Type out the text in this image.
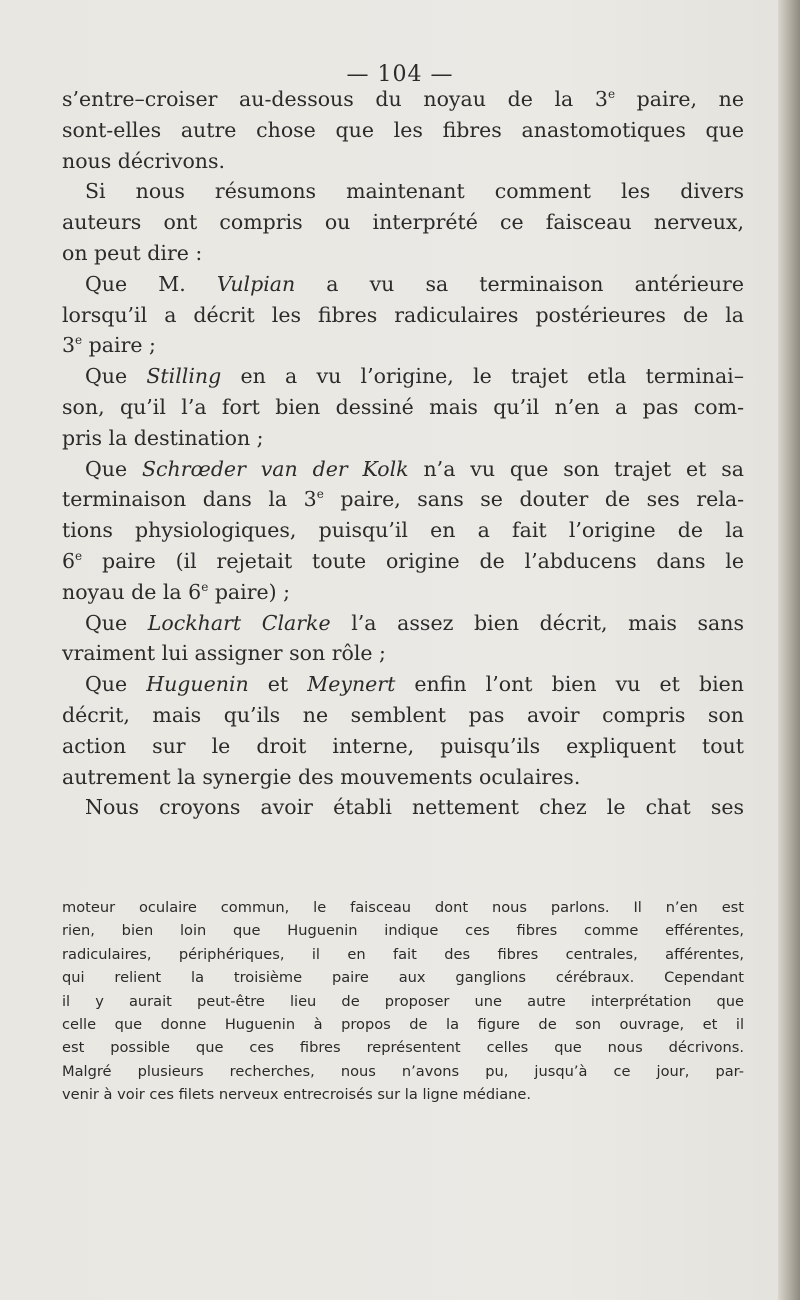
— 104 —
s’entre–croiser au-dessous du noyau de la 3e paire, ne
sont-elles autre chose que les fibres anastomotiques que
nous décrivons.
Si nous résumons maintenant comment les divers
auteurs ont compris ou interprété ce faisceau nerveux,
on peut dire :
Que M. Vulpian a vu sa terminaison antérieure
lorsqu’il a décrit les fibres radiculaires postérieures de la
3e paire ;
Que Stilling en a vu l’origine, le trajet etla terminai–
son, qu’il l’a fort bien dessiné mais qu’il n’en a pas com-
pris la destination ;
Que Schrœder van der Kolk n’a vu que son trajet et sa
terminaison dans la 3e paire, sans se douter de ses rela-
tions physiologiques, puisqu’il en a fait l’origine de la
6e paire (il rejetait toute origine de l’abducens dans le
noyau de la 6e paire) ;
Que Lockhart Clarke l’a assez bien décrit, mais sans
vraiment lui assigner son rôle ;
Que Huguenin et Meynert enfin l’ont bien vu et bien
décrit, mais qu’ils ne semblent pas avoir compris son
action sur le droit interne, puisqu’ils expliquent tout
autrement la synergie des mouvements oculaires.
Nous croyons avoir établi nettement chez le chat ses
moteur oculaire commun, le faisceau dont nous parlons. Il n’en est
rien, bien loin que Huguenin indique ces fibres comme efférentes,
radiculaires, périphériques, il en fait des fibres centrales, afférentes,
qui relient la troisième paire aux ganglions cérébraux. Cependant
il y aurait peut-être lieu de proposer une autre interprétation que
celle que donne Huguenin à propos de la figure de son ouvrage, et il
est possible que ces fibres représentent celles que nous décrivons.
Malgré plusieurs recherches, nous n’avons pu, jusqu’à ce jour, par-
venir à voir ces filets nerveux entrecroisés sur la ligne médiane.
